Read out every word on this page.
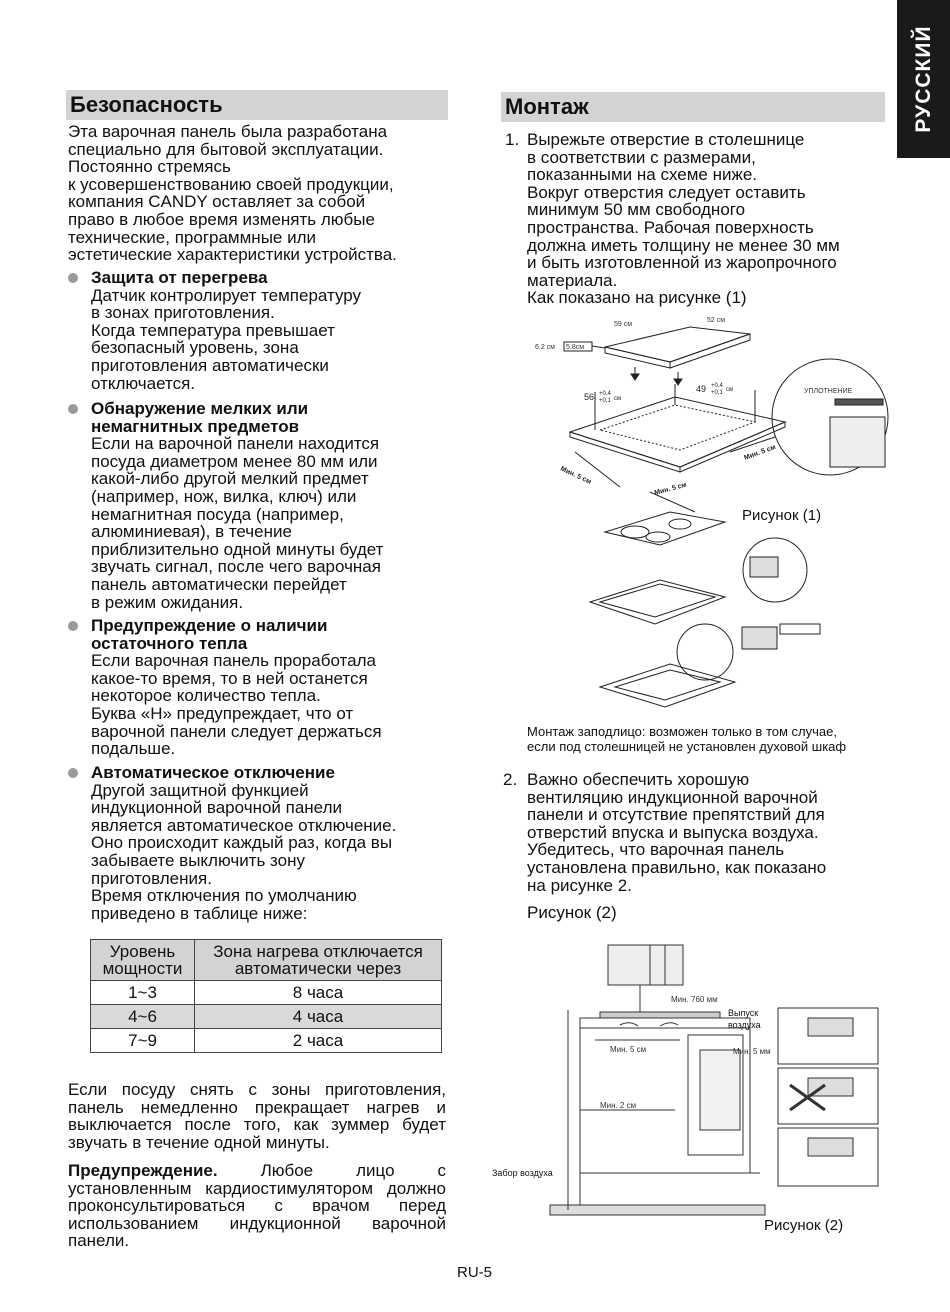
РУССКИЙ
Безопасность

Эта варочная панель была разработана

специально для бытовой эксплуатации.

Постоянно стремясь

к усовершенствованию своей продукции,

компания CANDY оставляет за собой

право в любое время изменять любые

технические, программные или

эстетические характеристики устройства.

Защита от перегрева

Датчик контролирует температуру

в зонах приготовления.

Когда температура превышает

безопасный уровень, зона

приготовления автоматически

отключается.

Обнаружение мелких или

немагнитных предметов

Если на варочной панели находится

посуда диаметром менее 80 мм или

какой-либо другой мелкий предмет

(например, нож, вилка, ключ) или

немагнитная посуда (например,

алюминиевая), в течение

приблизительно одной минуты будет

звучать сигнал, после чего варочная

панель автоматически перейдет

в режим ожидания.

Предупреждение о наличии

остаточного тепла

Если варочная панель проработала

какое-то время, то в ней останется

некоторое количество тепла.

Буква «H» предупреждает, что от

варочной панели следует держаться

подальше.

Автоматическое отключение

Другой защитной функцией

индукционной варочной панели

является автоматическое отключение.

Оно происходит каждый раз, когда вы

забываете выключить зону

приготовления.

Время отключения по умолчанию

приведено в таблице ниже:

Уровень мощности	Зона нагрева отключается автоматически через
1~3	8 часа
4~6	4 часа
7~9	2 часа
Если посуду снять с зоны приготовления, панель немедленно прекращает нагрев и выключается после того, как зуммер будет звучать в течение одной минуты.
Предупреждение.	Любое лицо с установленным кардиостимулятором должно проконсультироваться с врачом перед использованием индукционной варочной панели.
Монтаж
1. Вырежьте отверстие в столешнице

в соответствии с размерами,

показанными на схеме ниже.

Вокруг отверстия следует оставить

минимум 50 мм свободного

пространства. Рабочая поверхность

должна иметь толщину не менее 30 мм

и быть изготовленной из жаропрочного

материала.

Как показано на рисунке (1)

59 см
52 см
6.2 см 5.8см
УПЛОТНЕНИЕ
56
49
+0,4
+0,1 см
+0,4
+0,1 см
Мин. 5 см
Мин. 5 см
Мин. 5 см
Рисунок (1)

Монтаж заподлицо: возможен только в том случае,

если под столешницей не установлен духовой шкаф

2. Важно обеспечить хорошую

вентиляцию индукционной варочной

панели и отсутствие препятствий для

отверстий впуска и выпуска воздуха.

Убедитесь, что варочная панель

установлена правильно, как показано

на рисунке 2.

Рисунок (2)
Мин. 760 мм
Выпуск
воздуха
Мин. 5 см	Мин. 5 мм
Мин. 2 см
Забор воздуха
Рисунок (2)
RU-5
